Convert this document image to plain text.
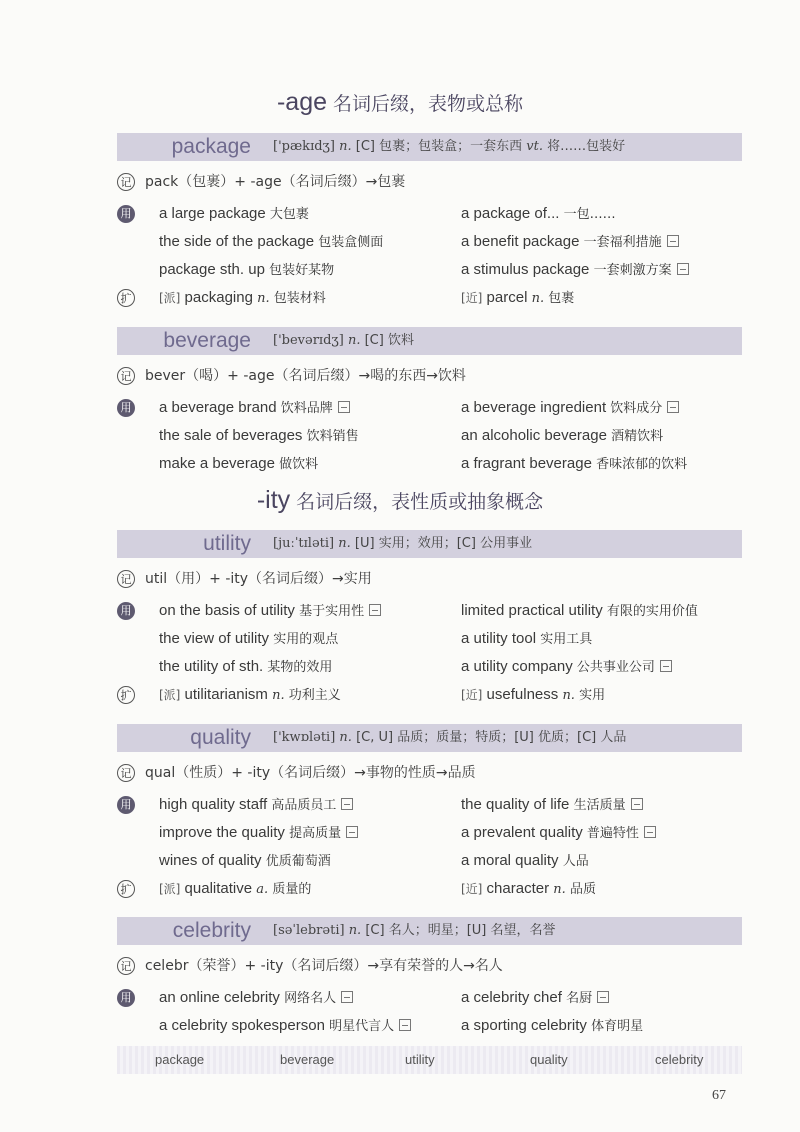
-age 名词后缀，表物或总称
-ity 名词后缀，表性质或抽象概念
package ['pækɪdʒ] n. [C] 包裹；包装盒；一套东西 vt. 将……包装好
记 pack（包裹）+ -age（名词后缀）→包裹
用 a large package 大包裹	a package of... 一包……
the side of the package 包装盒侧面	a benefit package 一套福利措施
package sth. up 包装好某物	a stimulus package 一套刺激方案
扩 [派] packaging n. 包装材料	[近] parcel n. 包裹
beverage ['bevərɪdʒ] n. [C] 饮料
记 bever（喝）+ -age（名词后缀）→喝的东西→饮料
用 a beverage brand 饮料品牌	a beverage ingredient 饮料成分
the sale of beverages 饮料销售	an alcoholic beverage 酒精饮料
make a beverage 做饮料	a fragrant beverage 香味浓郁的饮料
utility [juːˈtɪləti] n. [U] 实用；效用；[C] 公用事业
记 util（用）+ -ity（名词后缀）→实用
用 on the basis of utility 基于实用性	limited practical utility 有限的实用价值
the view of utility 实用的观点	a utility tool 实用工具
the utility of sth. 某物的效用	a utility company 公共事业公司
扩 [派] utilitarianism n. 功利主义	[近] usefulness n. 实用
quality ['kwɒləti] n. [C, U] 品质；质量；特质；[U] 优质；[C] 人品
记 qual（性质）+ -ity（名词后缀）→事物的性质→品质
用 high quality staff 高品质员工	the quality of life 生活质量
improve the quality 提高质量	a prevalent quality 普遍特性
wines of quality 优质葡萄酒	a moral quality 人品
扩 [派] qualitative a. 质量的	[近] character n. 品质
celebrity [səˈlebrəti] n. [C] 名人；明星；[U] 名望，名誉
记 celebr（荣誉）+ -ity（名词后缀）→享有荣誉的人→名人
用 an online celebrity 网络名人	a celebrity chef 名厨
a celebrity spokesperson 明星代言人	a sporting celebrity 体育明星
package	beverage	utility	quality	celebrity
67
